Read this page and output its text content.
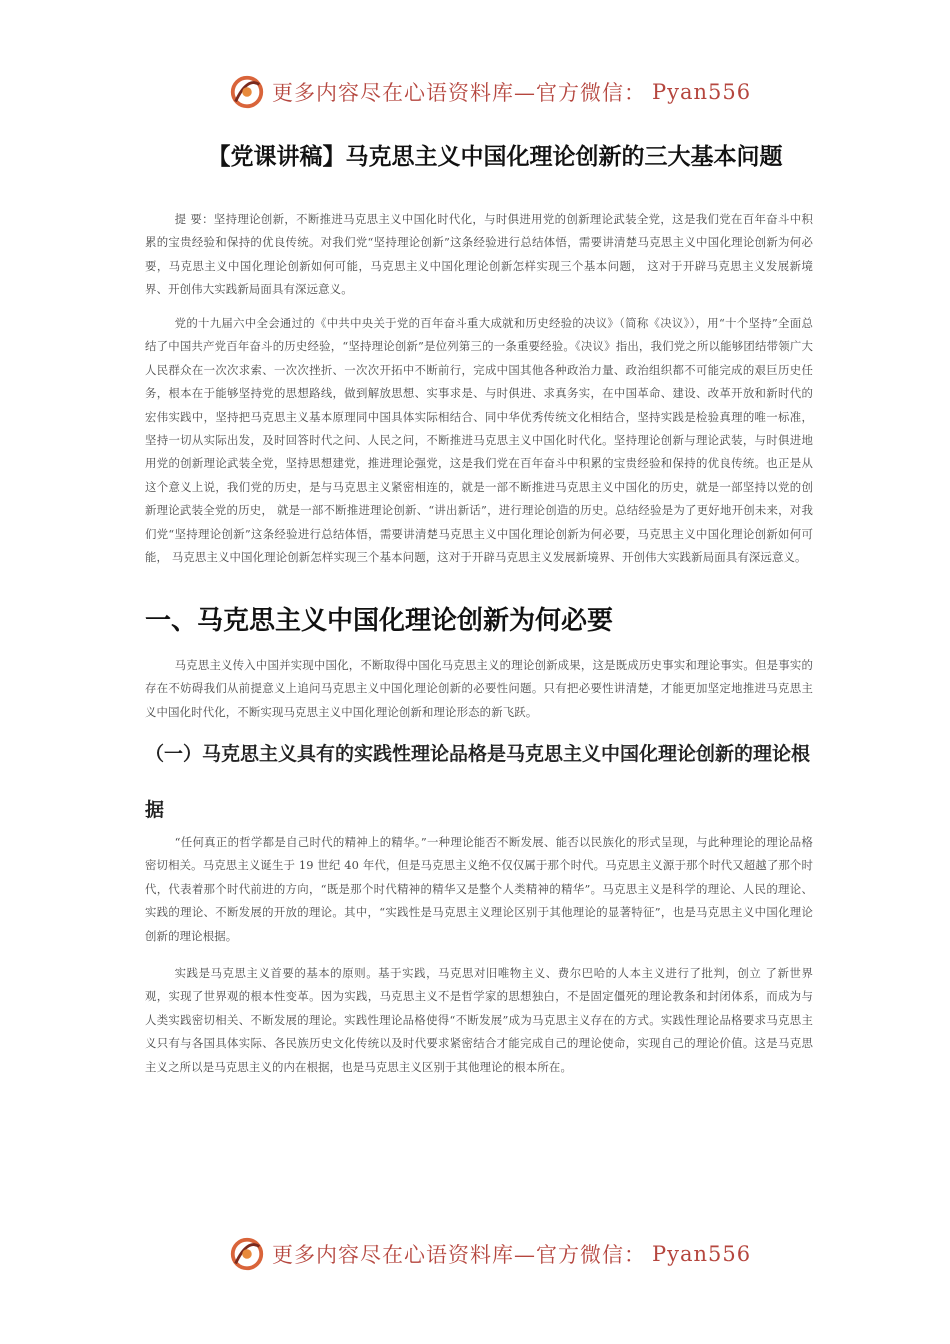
更多内容尽在心语资料库—官方微信： Pyan556
【党课讲稿】马克思主义中国化理论创新的三大基本问题

提 要：坚持理论创新，不断推进马克思主义中国化时代化，与时俱进用党的创新理论武装全党，这是我们党在百年奋斗中积累的宝贵经验和保持的优良传统。对我们党“坚持理论创新”这条经验进行总结体悟，需要讲清楚马克思主义中国化理论创新为何必要，马克思主义中国化理论创新如何可能，马克思主义中国化理论创新怎样实现三个基本问题， 这对于开辟马克思主义发展新境界、开创伟大实践新局面具有深远意义。

党的十九届六中全会通过的《中共中央关于党的百年奋斗重大成就和历史经验的决议》（简称《决议》），用“十个坚持”全面总结了中国共产党百年奋斗的历史经验，“坚持理论创新”是位列第三的一条重要经验。《决议》指出，我们党之所以能够团结带领广大人民群众在一次次求索、一次次挫折、一次次开拓中不断前行，完成中国其他各种政治力量、政治组织都不可能完成的艰巨历史任务，根本在于能够坚持党的思想路线，做到解放思想、实事求是、与时俱进、求真务实，在中国革命、建设、改革开放和新时代的宏伟实践中，坚持把马克思主义基本原理同中国具体实际相结合、同中华优秀传统文化相结合，坚持实践是检验真理的唯一标准，坚持一切从实际出发，及时回答时代之问、人民之问，不断推进马克思主义中国化时代化。坚持理论创新与理论武装，与时俱进地用党的创新理论武装全党，坚持思想建党，推进理论强党，这是我们党在百年奋斗中积累的宝贵经验和保持的优良传统。也正是从这个意义上说，我们党的历史，是与马克思主义紧密相连的，就是一部不断推进马克思主义中国化的历史，就是一部坚持以党的创新理论武装全党的历史， 就是一部不断推进理论创新、“讲出新话”，进行理论创造的历史。总结经验是为了更好地开创未来，对我们党“坚持理论创新”这条经验进行总结体悟，需要讲清楚马克思主义中国化理论创新为何必要，马克思主义中国化理论创新如何可能， 马克思主义中国化理论创新怎样实现三个基本问题，这对于开辟马克思主义发展新境界、开创伟大实践新局面具有深远意义。

一、马克思主义中国化理论创新为何必要

马克思主义传入中国并实现中国化，不断取得中国化马克思主义的理论创新成果，这是既成历史事实和理论事实。但是事实的存在不妨碍我们从前提意义上追问马克思主义中国化理论创新的必要性问题。只有把必要性讲清楚，才能更加坚定地推进马克思主义中国化时代化，不断实现马克思主义中国化理论创新和理论形态的新飞跃。

（一）马克思主义具有的实践性理论品格是马克思主义中国化理论创新的理论根据

“任何真正的哲学都是自己时代的精神上的精华。”一种理论能否不断发展、能否以民族化的形式呈现，与此种理论的理论品格密切相关。马克思主义诞生于 19 世纪 40 年代，但是马克思主义绝不仅仅属于那个时代。马克思主义源于那个时代又超越了那个时代，代表着那个时代前进的方向，“既是那个时代精神的精华又是整个人类精神的精华”。马克思主义是科学的理论、人民的理论、实践的理论、不断发展的开放的理论。其中，“实践性是马克思主义理论区别于其他理论的显著特征”，也是马克思主义中国化理论创新的理论根据。

实践是马克思主义首要的基本的原则。基于实践，马克思对旧唯物主义、费尔巴哈的人本主义进行了批判，创立 了新世界观，实现了世界观的根本性变革。因为实践，马克思主义不是哲学家的思想独白，不是固定僵死的理论教条和封闭体系，而成为与人类实践密切相关、不断发展的理论。实践性理论品格使得“不断发展”成为马克思主义存在的方式。实践性理论品格要求马克思主义只有与各国具体实际、各民族历史文化传统以及时代要求紧密结合才能完成自己的理论使命，实现自己的理论价值。这是马克思主义之所以是马克思主义的内在根据，也是马克思主义区别于其他理论的根本所在。

更多内容尽在心语资料库—官方微信： Pyan556
